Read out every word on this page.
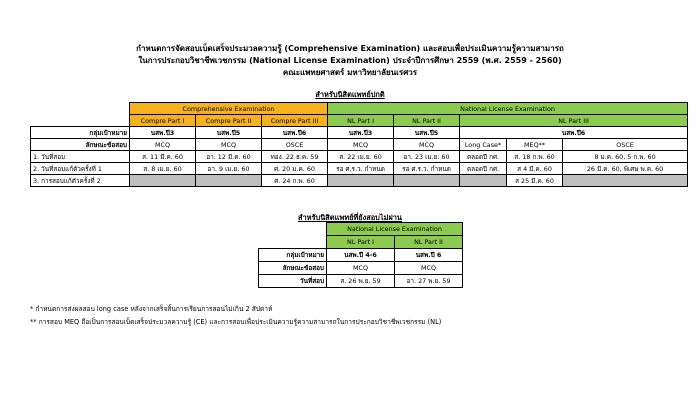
กำหนดการจัดสอบเบ็ดเสร็จประมวลความรู้ (Comprehensive Examination) และสอบเพื่อประเมินความรู้ความสามารถ
ในการประกอบวิชาชีพเวชกรรม (National License Examination) ประจำปีการศึกษา 2559 (พ.ศ. 2559 - 2560)
คณะแพทยศาสตร์ มหาวิทยาลัยนเรศวร
สำหรับนิสิตแพทย์ปกติ
	Comprehensive Examination			National License Examination				
	Compre Part I	Compre Part II	Compre Part III	NL Part I	NL Part II	NL Part III		
กลุ่มเป้าหมาย	นสพ.ปี3	นสพ.ปี5	นสพ.ปี6	นสพ.ปี3	นสพ.ปี5	นสพ.ปี6		
ลักษณะข้อสอบ	MCQ	MCQ	OSCE	MCQ	MCQ	Long Case*	MEQ**	OSCE
1. วันที่สอบ	ส. 11 มี.ค. 60	อา. 12 มี.ค. 60	ทอง. 22 ธ.ค. 59	ส. 22 เม.ย. 60	อา. 23 เม.ย. 60	ตลอดปี กศ.	ส. 18 ก.พ. 60	8 ม.ค. 60, 5 ก.พ. 60
2. วันที่สอบแก้ตัวครั้งที่ 1	ส. 8 เม.ย. 60	อา. 9 เม.ย. 60	ศ. 20 ม.ค. 60	รอ ศ.ร.ว. กำหนด	รอ ศ.ร.ว. กำหนด	ตลอดปี กศ.	ส 4 มี.ค. 60	26 มี.ค. 60, พิเศษ พ.ค. 60
3. การสอบแก้ตัวครั้งที่ 2			ศ. 24 ก.พ. 60				ส 25 มี.ค. 60	
สำหรับนิสิตแพทย์ที่ยังสอบไม่ผ่าน
	National License Examination	
	NL Part I	NL Part II
กลุ่มเป้าหมาย	นสพ.ปี 4-6	นสพ.ปี 6
ลักษณะข้อสอบ	MCQ	MCQ
วันที่สอบ	ส. 26 พ.ย. 59	อา. 27 พ.ย. 59
* กำหนดการส่งผลสอบ long case หลังจากเสร็จสิ้นการเรียนการสอนไม่เกิน 2 สัปดาห์
** การสอบ MEQ ถือเป็นการสอบเบ็ดเสร็จประมวลความรู้ (CE) และการสอบเพื่อประเมินความรู้ความสามารถในการประกอบวิชาชีพเวชกรรม (NL)
